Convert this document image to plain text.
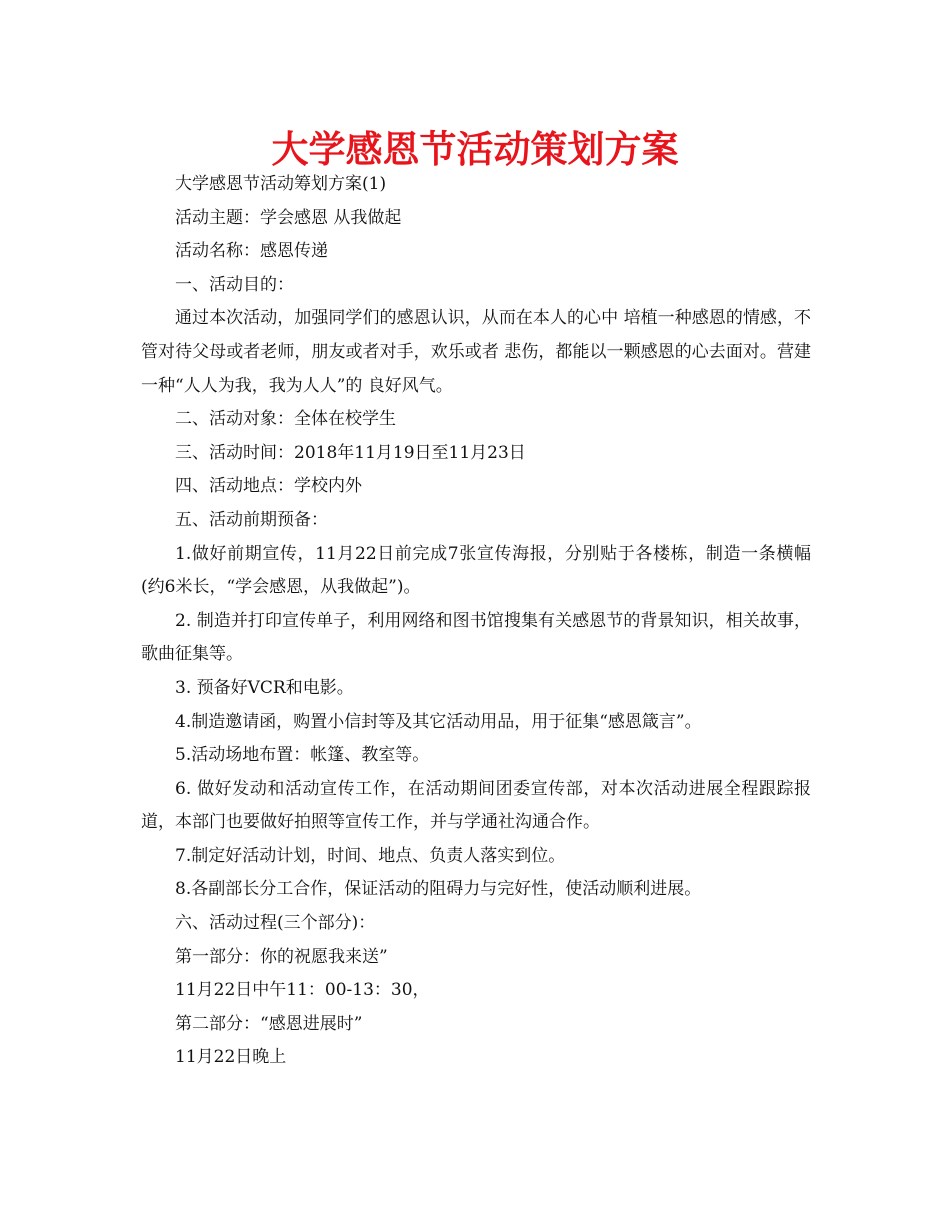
大学感恩节活动策划方案

大学感恩节活动筹划方案(1)

活动主题：学会感恩 从我做起

活动名称：感恩传递

一、活动目的：

通过本次活动，加强同学们的感恩认识，从而在本人的心中 培植一种感恩的情感，不管对待父母或者老师，朋友或者对手，欢乐或者 悲伤，都能以一颗感恩的心去面对。营建一种“人人为我，我为人人”的 良好风气。

二、活动对象：全体在校学生

三、活动时间：2018年11月19日至11月23日

四、活动地点：学校内外

五、活动前期预备：

1.做好前期宣传，11月22日前完成7张宣传海报，分别贴于各楼栋，制造一条横幅(约6米长，“学会感恩，从我做起”)。

2. 制造并打印宣传单子，利用网络和图书馆搜集有关感恩节的背景知识，相关故事，歌曲征集等。

3. 预备好VCR和电影。

4.制造邀请函，购置小信封等及其它活动用品，用于征集“感恩箴言”。

5.活动场地布置：帐篷、教室等。

6. 做好发动和活动宣传工作，在活动期间团委宣传部，对本次活动进展全程跟踪报道，本部门也要做好拍照等宣传工作，并与学通社沟通合作。

7.制定好活动计划，时间、地点、负责人落实到位。

8.各副部长分工合作，保证活动的阻碍力与完好性，使活动顺利进展。

六、活动过程(三个部分)：

第一部分：你的祝愿我来送”

11月22日中午11：00-13：30，

第二部分：“感恩进展时”

11月22日晚上
